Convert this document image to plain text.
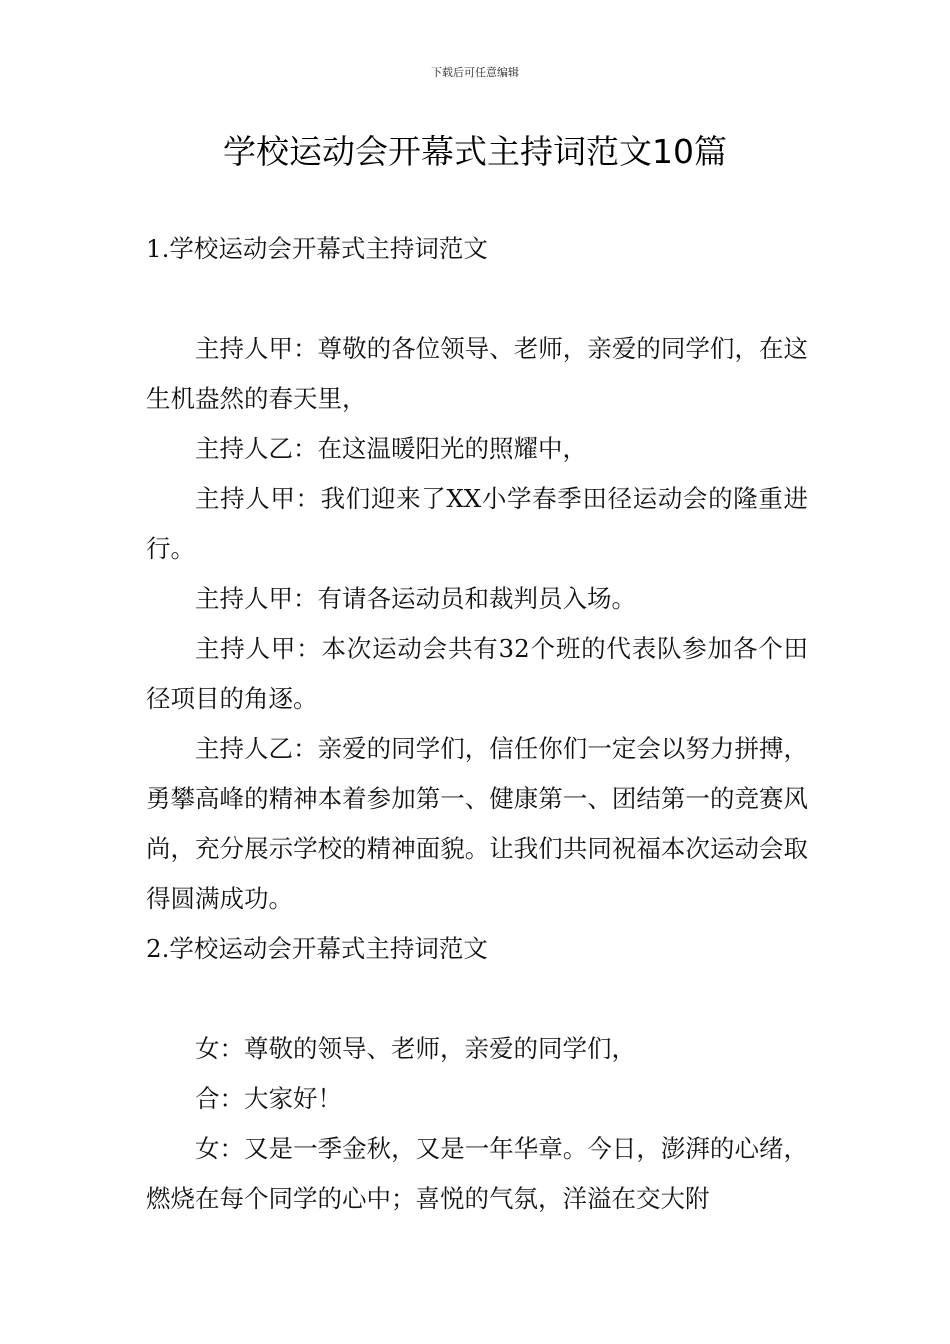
下载后可任意编辑
学校运动会开幕式主持词范文10篇

1.学校运动会开幕式主持词范文

主持人甲：尊敬的各位领导、老师，亲爱的同学们，在这生机盎然的春天里，

主持人乙：在这温暖阳光的照耀中，

主持人甲：我们迎来了XX小学春季田径运动会的隆重进行。

主持人甲：有请各运动员和裁判员入场。

主持人甲：本次运动会共有32个班的代表队参加各个田径项目的角逐。

主持人乙：亲爱的同学们，信任你们一定会以努力拼搏，勇攀高峰的精神本着参加第一、健康第一、团结第一的竞赛风尚，充分展示学校的精神面貌。让我们共同祝福本次运动会取得圆满成功。

2.学校运动会开幕式主持词范文

女：尊敬的领导、老师，亲爱的同学们，

合：大家好！

女：又是一季金秋，又是一年华章。今日，澎湃的心绪，燃烧在每个同学的心中；喜悦的气氛，洋溢在交大附
